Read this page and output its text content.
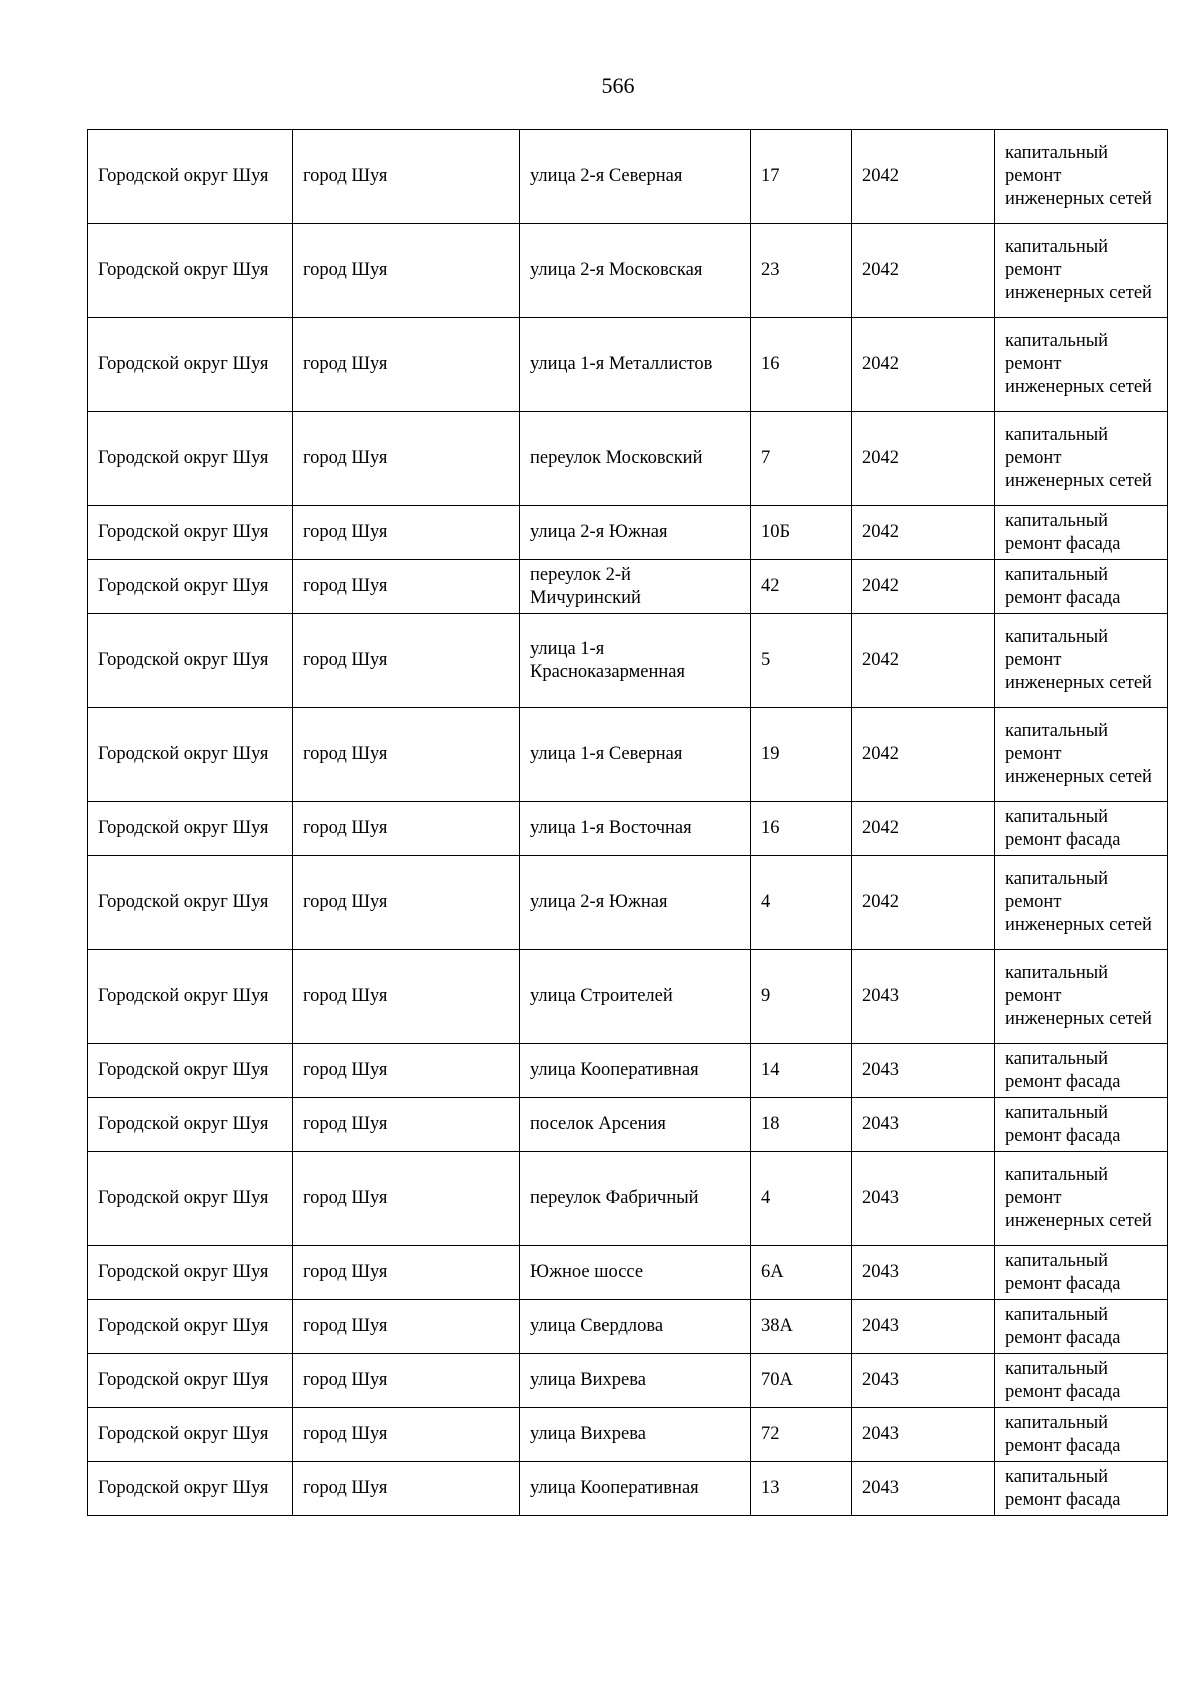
566
Городской округ Шуя	город Шуя	улица 2-я Северная	17	2042	капитальный ремонт инженерных сетей
Городской округ Шуя	город Шуя	улица 2-я Московская	23	2042	капитальный ремонт инженерных сетей
Городской округ Шуя	город Шуя	улица 1-я Металлистов	16	2042	капитальный ремонт инженерных сетей
Городской округ Шуя	город Шуя	переулок Московский	7	2042	капитальный ремонт инженерных сетей
Городской округ Шуя	город Шуя	улица 2-я Южная	10Б	2042	капитальный ремонт фасада
Городской округ Шуя	город Шуя	переулок 2-й Мичуринский	42	2042	капитальный ремонт фасада
Городской округ Шуя	город Шуя	улица 1-я Красноказарменная	5	2042	капитальный ремонт инженерных сетей
Городской округ Шуя	город Шуя	улица 1-я Северная	19	2042	капитальный ремонт инженерных сетей
Городской округ Шуя	город Шуя	улица 1-я Восточная	16	2042	капитальный ремонт фасада
Городской округ Шуя	город Шуя	улица 2-я Южная	4	2042	капитальный ремонт инженерных сетей
Городской округ Шуя	город Шуя	улица Строителей	9	2043	капитальный ремонт инженерных сетей
Городской округ Шуя	город Шуя	улица Кооперативная	14	2043	капитальный ремонт фасада
Городской округ Шуя	город Шуя	поселок Арсения	18	2043	капитальный ремонт фасада
Городской округ Шуя	город Шуя	переулок Фабричный	4	2043	капитальный ремонт инженерных сетей
Городской округ Шуя	город Шуя	Южное шоссе	6А	2043	капитальный ремонт фасада
Городской округ Шуя	город Шуя	улица Свердлова	38А	2043	капитальный ремонт фасада
Городской округ Шуя	город Шуя	улица Вихрева	70А	2043	капитальный ремонт фасада
Городской округ Шуя	город Шуя	улица Вихрева	72	2043	капитальный ремонт фасада
Городской округ Шуя	город Шуя	улица Кооперативная	13	2043	капитальный ремонт фасада
